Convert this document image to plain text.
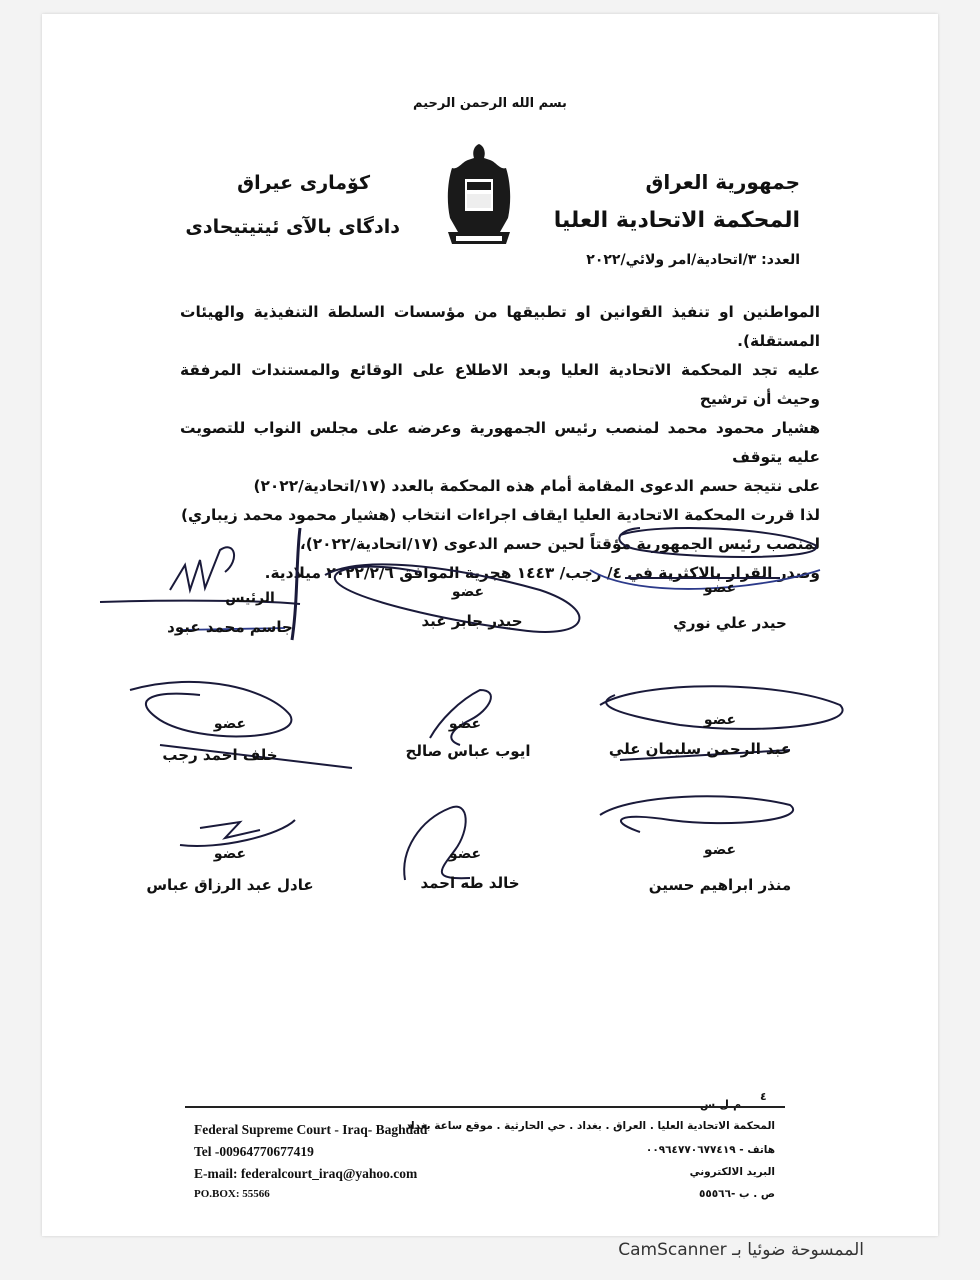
بسم الله الرحمن الرحيم
جمهورية العراق
المحكمة الاتحادية العليا
العدد: ٣/اتحادية/امر ولائي/٢٠٢٢
كۆماری عیراق
دادگای بالآی ئیتیتیحادی

المواطنين او تنفيذ القوانين او تطبيقها من مؤسسات السلطة التنفيذية والهيئات المستقلة).

عليه تجد المحكمة الاتحادية العليا وبعد الاطلاع على الوقائع والمستندات المرفقة وحيث أن ترشيح

هشيار محمود محمد لمنصب رئيس الجمهورية وعرضه على مجلس النواب للتصويت عليه يتوقف

على نتيجة حسم الدعوى المقامة أمام هذه المحكمة بالعدد (١٧/اتحادية/٢٠٢٢)

لذا قررت المحكمة الاتحادية العليا ايقاف اجراءات انتخاب (هشيار محمود محمد زيباري)

لمنصب رئيس الجمهورية مؤقتاً لحين حسم الدعوى (١٧/اتحادية/٢٠٢٢)،

وصدر القرار بالاكثرية في ٤/ رجب/ ١٤٤٣ هجرية الموافق ٢٠٢٢/٢/٦ ميلادية.

الرئيس
جاسم محمد عبود
عضو
حيدر جابر عبد
عضو
حيدر علي نوري
عضو
خلف احمد رجب
عضو
ايوب عباس صالح
عضو
عبد الرحمن سليمان علي
عضو
عادل عبد الرزاق عباس
عضو
خالد طه احمد
عضو
منذر ابراهيم حسين
٤
م.ل.س
Federal Supreme Court - Iraq- Baghdad
Tel -00964770677419
E-mail: federalcourt_iraq@yahoo.com
PO.BOX: 55566
المحكمة الاتحادية العليا . العراق . بغداد . حي الحارثية . موقع ساعة بغداد
هاتف - ٠٠٩٦٤٧٧٠٦٧٧٤١٩
البريد الالكتروني
ص . ب -٥٥٥٦٦
الممسوحة ضوئيا بـ CamScanner
